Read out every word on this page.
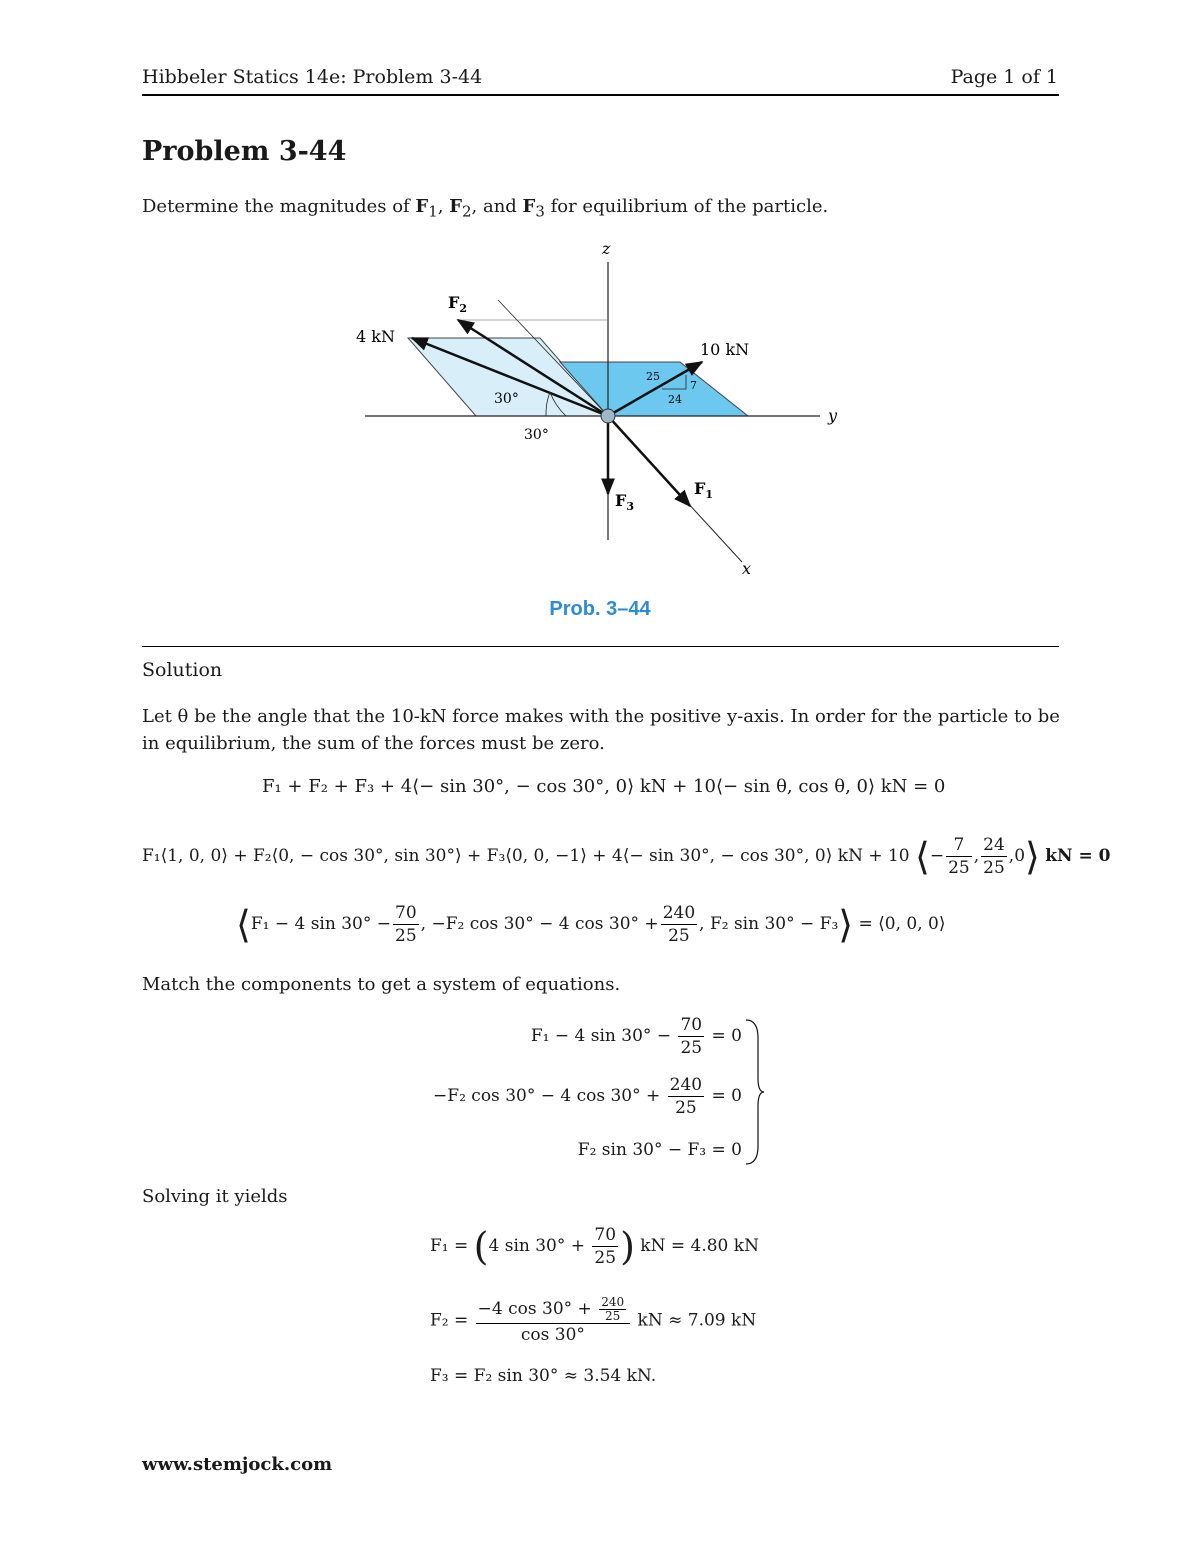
Hibbeler Statics 14e: Problem 3-44	Page 1 of 1
Problem 3-44
Determine the magnitudes of $F_1$, $F_2$, and $F_3$ for equilibrium of the particle.
z
y
x
4 kN
10 kN
$F_2$
$F_3$
$F_1$
30°
30°
25
7
24
Prob. 3–44
Solution
Let θ be the angle that the 10-kN force makes with the positive y-axis. In order for the particle to be in equilibrium, the sum of the forces must be zero.
F₁ + F₂ + F₃ + 4⟨− sin 30°, − cos 30°, 0⟩ kN + 10⟨− sin θ, cos θ, 0⟩ kN = 0
F₁⟨1, 0, 0⟩ + F₂⟨0, − cos 30°, sin 30°⟩ + F₃⟨0, 0, −1⟩ + 4⟨− sin 30°, − cos 30°, 0⟩ kN + 10 ⟨− $\frac{7}{25}$ , $\frac{24}{25}$ ,0⟩ kN = 0
⟨F₁ − 4 $\sin 30^\circ - \frac{70}{25}$ , −F₂ cos 30° − 4 $\cos 30^\circ + \frac{240}{25}$ , F₂ sin 30° − F₃⟩ = ⟨0, 0, 0⟩
Match the components to get a system of equations.
F₁ − 4 $\sin 30^\circ - \frac{70}{25} = 0$
−F₂ cos 30° − 4 $\cos 30^\circ + \frac{240}{25} = 0$
F₂ sin 30° − F₃ = 0
Solving it yields
F₁ = (4 $\sin 30^\circ + \frac{70}{25}$ ) kN = 4.80 kN
$F_2 = \frac{-4 \cos 30^\circ + \frac{240}{25}}{\cos 30^\circ}$ kN ≈ 7.09 kN
F₃ = F₂ sin 30° ≈ 3.54 kN.
www.stemjock.com
